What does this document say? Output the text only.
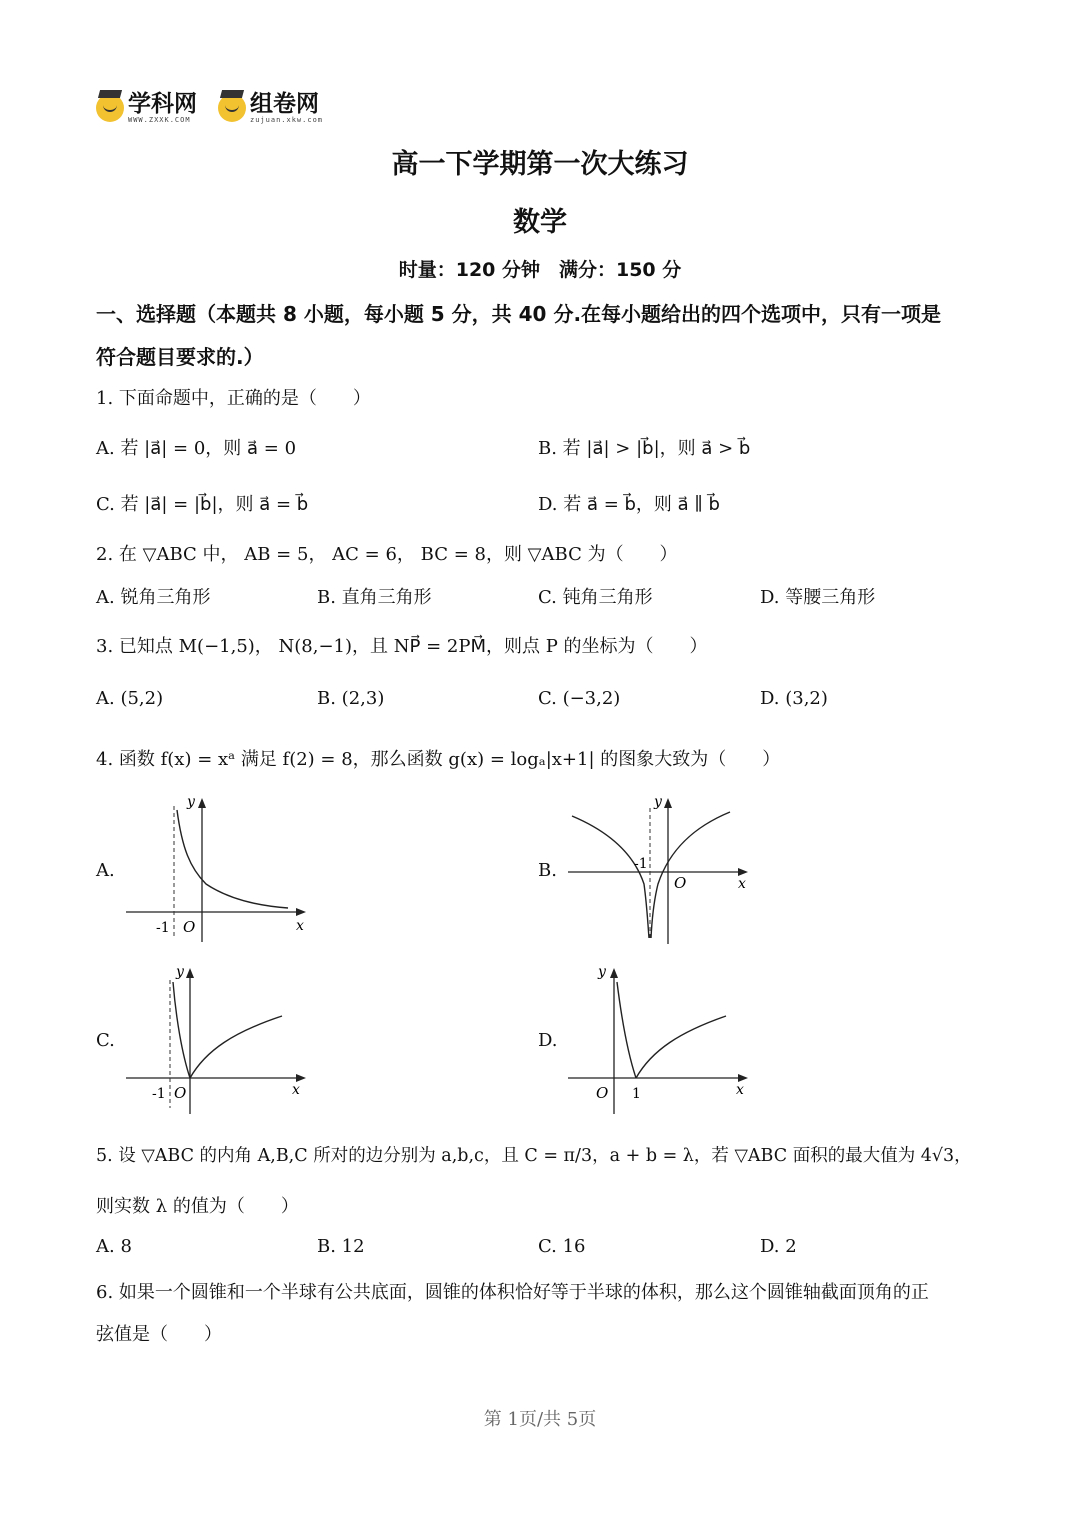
学科网
WWW.ZXXK.COM
组卷网
zujuan.xkw.com
高一下学期第一次大练习
数学
时量：120 分钟　满分：150 分
一、选择题（本题共 8 小题，每小题 5 分，共 40 分.在每小题给出的四个选项中，只有一项是
符合题目要求的.）
1. 下面命题中，正确的是（　　）
A. 若 |a⃗| = 0，则 a⃗ = 0	B. 若 |a⃗| > |b⃗|，则 a⃗ > b⃗
C. 若 |a⃗| = |b⃗|，则 a⃗ = b⃗	D. 若 a⃗ = b⃗，则 a⃗ ∥ b⃗
2. 在 ▽ABC 中， AB = 5， AC = 6， BC = 8，则 ▽ABC 为（　　）
A. 锐角三角形	B. 直角三角形	C. 钝角三角形	D. 等腰三角形
3. 已知点 M(−1,5)， N(8,−1)，且 NP⃗ = 2PM⃗，则点 P 的坐标为（　　）
A. (5,2)	B. (2,3)	C. (−3,2)	D. (3,2)
4. 函数 f(x) = xᵃ 满足 f(2) = 8，那么函数 g(x) = logₐ|x+1| 的图象大致为（　　）
A.	B.
C.	D.
x
y
O
-1
x
y
O
-1
x
y
O
-1	x
y
O 1
5. 设 ▽ABC 的内角 A,B,C 所对的边分别为 a,b,c，且 C = π/3，a + b = λ，若 ▽ABC 面积的最大值为 4√3，
则实数 λ 的值为（　　）
A. 8	B. 12	C. 16	D. 2
6. 如果一个圆锥和一个半球有公共底面，圆锥的体积恰好等于半球的体积，那么这个圆锥轴截面顶角的正
弦值是（　　）
第 1页/共 5页
